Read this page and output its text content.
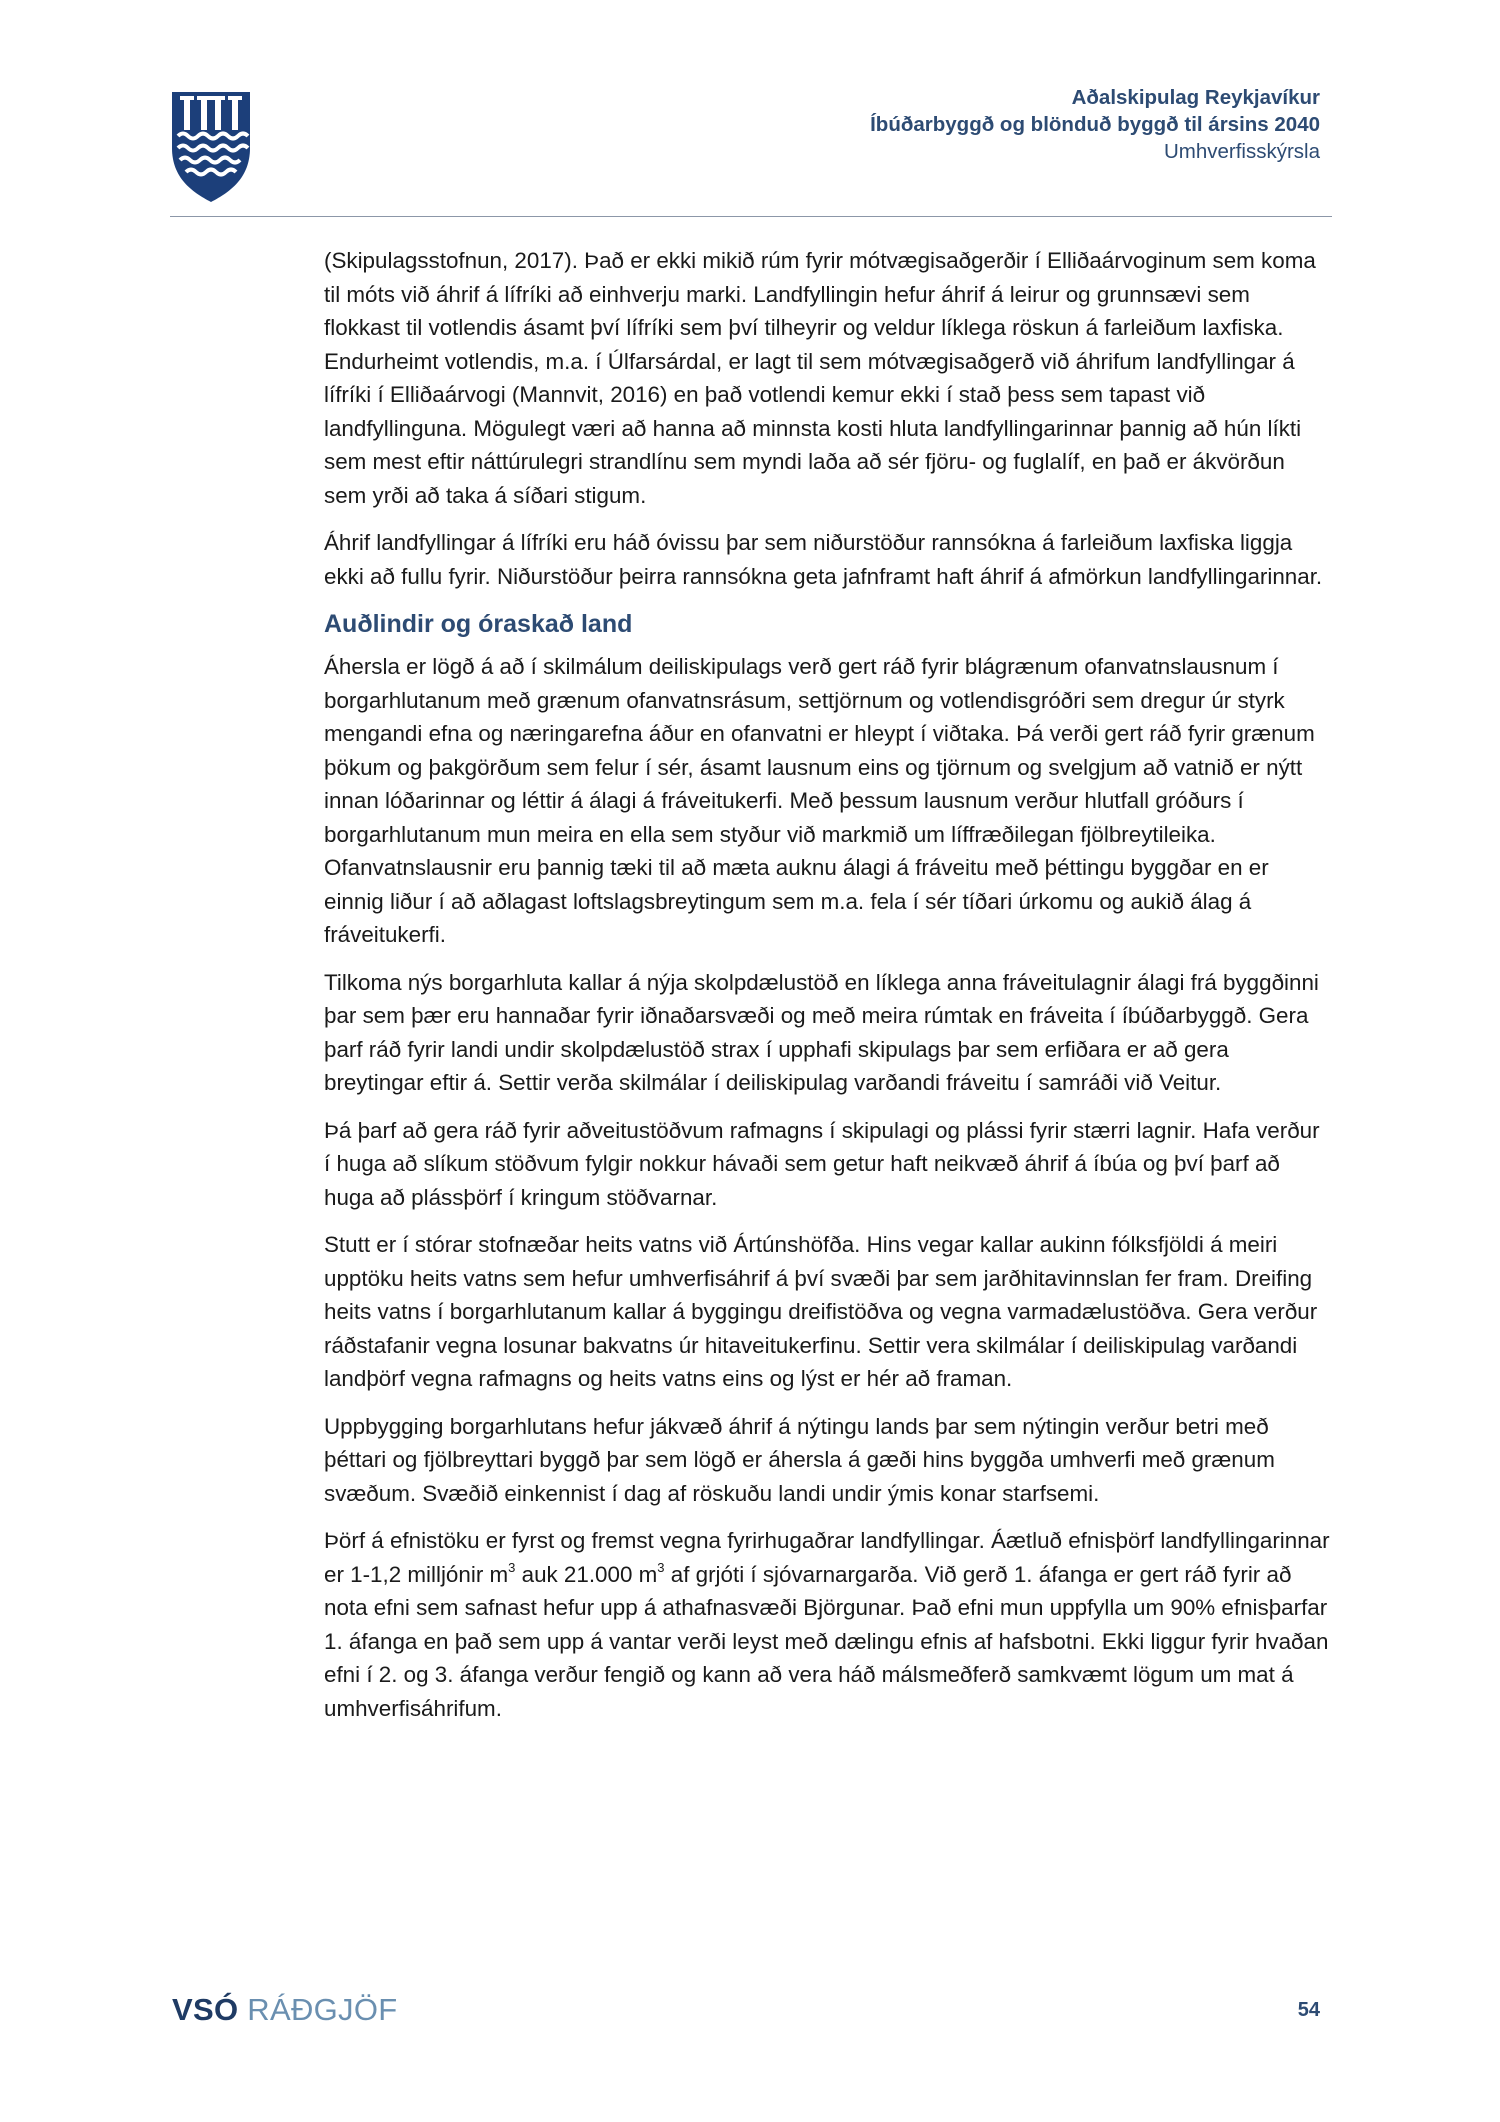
Aðalskipulag Reykjavíkur
Íbúðarbyggð og blönduð byggð til ársins 2040
Umhverfisskýrsla

(Skipulagsstofnun, 2017). Það er ekki mikið rúm fyrir mótvægisaðgerðir í Elliðaárvoginum sem koma til móts við áhrif á lífríki að einhverju marki. Landfyllingin hefur áhrif á leirur og grunnsævi sem flokkast til votlendis ásamt því lífríki sem því tilheyrir og veldur líklega röskun á farleiðum laxfiska. Endurheimt votlendis, m.a. í Úlfarsárdal, er lagt til sem mótvægisaðgerð við áhrifum landfyllingar á lífríki í Elliðaárvogi (Mannvit, 2016) en það votlendi kemur ekki í stað þess sem tapast við landfyllinguna. Mögulegt væri að hanna að minnsta kosti hluta landfyllingarinnar þannig að hún líkti sem mest eftir náttúrulegri strandlínu sem myndi laða að sér fjöru- og fuglalíf, en það er ákvörðun sem yrði að taka á síðari stigum.

Áhrif landfyllingar á lífríki eru háð óvissu þar sem niðurstöður rannsókna á farleiðum laxfiska liggja ekki að fullu fyrir. Niðurstöður þeirra rannsókna geta jafnframt haft áhrif á afmörkun landfyllingarinnar.

Auðlindir og óraskað land

Áhersla er lögð á að í skilmálum deiliskipulags verð gert ráð fyrir blágrænum ofanvatnslausnum í borgarhlutanum með grænum ofanvatnsrásum, settjörnum og votlendisgróðri sem dregur úr styrk mengandi efna og næringarefna áður en ofanvatni er hleypt í viðtaka. Þá verði gert ráð fyrir grænum þökum og þakgörðum sem felur í sér, ásamt lausnum eins og tjörnum og svelgjum að vatnið er nýtt innan lóðarinnar og léttir á álagi á fráveitukerfi. Með þessum lausnum verður hlutfall gróðurs í borgarhlutanum mun meira en ella sem styður við markmið um líffræðilegan fjölbreytileika. Ofanvatnslausnir eru þannig tæki til að mæta auknu álagi á fráveitu með þéttingu byggðar en er einnig liður í að aðlagast loftslagsbreytingum sem m.a. fela í sér tíðari úrkomu og aukið álag á fráveitukerfi.

Tilkoma nýs borgarhluta kallar á nýja skolpdælustöð en líklega anna fráveitulagnir álagi frá byggðinni þar sem þær eru hannaðar fyrir iðnaðarsvæði og með meira rúmtak en fráveita í íbúðarbyggð. Gera þarf ráð fyrir landi undir skolpdælustöð strax í upphafi skipulags þar sem erfiðara er að gera breytingar eftir á. Settir verða skilmálar í deiliskipulag varðandi fráveitu í samráði við Veitur.

Þá þarf að gera ráð fyrir aðveitustöðvum rafmagns í skipulagi og plássi fyrir stærri lagnir. Hafa verður í huga að slíkum stöðvum fylgir nokkur hávaði sem getur haft neikvæð áhrif á íbúa og því þarf að huga að plássþörf í kringum stöðvarnar.

Stutt er í stórar stofnæðar heits vatns við Ártúnshöfða. Hins vegar kallar aukinn fólksfjöldi á meiri upptöku heits vatns sem hefur umhverfisáhrif á því svæði þar sem jarðhitavinnslan fer fram. Dreifing heits vatns í borgarhlutanum kallar á byggingu dreifistöðva og vegna varmadælustöðva. Gera verður ráðstafanir vegna losunar bakvatns úr hitaveitukerfinu. Settir vera skilmálar í deiliskipulag varðandi landþörf vegna rafmagns og heits vatns eins og lýst er hér að framan.

Uppbygging borgarhlutans hefur jákvæð áhrif á nýtingu lands þar sem nýtingin verður betri með þéttari og fjölbreyttari byggð þar sem lögð er áhersla á gæði hins byggða umhverfi með grænum svæðum. Svæðið einkennist í dag af röskuðu landi undir ýmis konar starfsemi.

Þörf á efnistöku er fyrst og fremst vegna fyrirhugaðrar landfyllingar. Áætluð efnisþörf landfyllingarinnar er 1-1,2 milljónir $m^3$ auk 21.000 $m^3$ af grjóti í sjóvarnargarða. Við gerð 1. áfanga er gert ráð fyrir að nota efni sem safnast hefur upp á athafnasvæði Björgunar. Það efni mun uppfylla um 90% efnisþarfar 1. áfanga en það sem upp á vantar verði leyst með dælingu efnis af hafsbotni. Ekki liggur fyrir hvaðan efni í 2. og 3. áfanga verður fengið og kann að vera háð málsmeðferð samkvæmt lögum um mat á umhverfisáhrifum.

VSÓ RÁÐGJÖF	54
